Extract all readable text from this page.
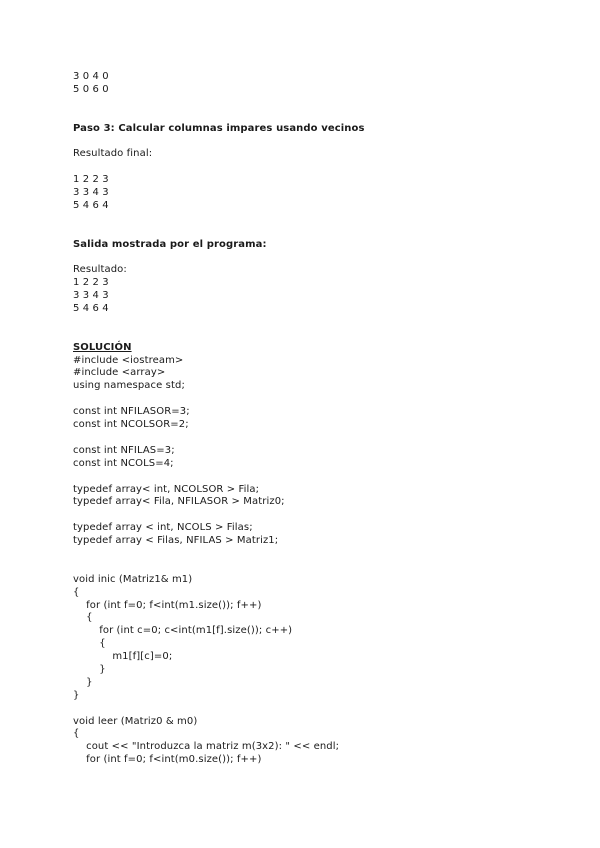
3 0 4 0
5 0 6 0
Paso 3: Calcular columnas impares usando vecinos
Resultado final:
1 2 2 3
3 3 4 3
5 4 6 4
Salida mostrada por el programa:
Resultado:
1 2 2 3
3 3 4 3
5 4 6 4
SOLUCIÓN
#include <iostream>
#include <array>
using namespace std;
const int NFILASOR=3;
const int NCOLSOR=2;
const int NFILAS=3;
const int NCOLS=4;
typedef array< int, NCOLSOR > Fila;
typedef array< Fila, NFILASOR > Matriz0;
typedef array < int, NCOLS > Filas;
typedef array < Filas, NFILAS > Matriz1;
void inic (Matriz1& m1)
{
for (int f=0; f<int(m1.size()); f++)
{
for (int c=0; c<int(m1[f].size()); c++)
{
m1[f][c]=0;
}
}
}
void leer (Matriz0 & m0)
{
cout << "Introduzca la matriz m(3x2): " << endl;
for (int f=0; f<int(m0.size()); f++)
